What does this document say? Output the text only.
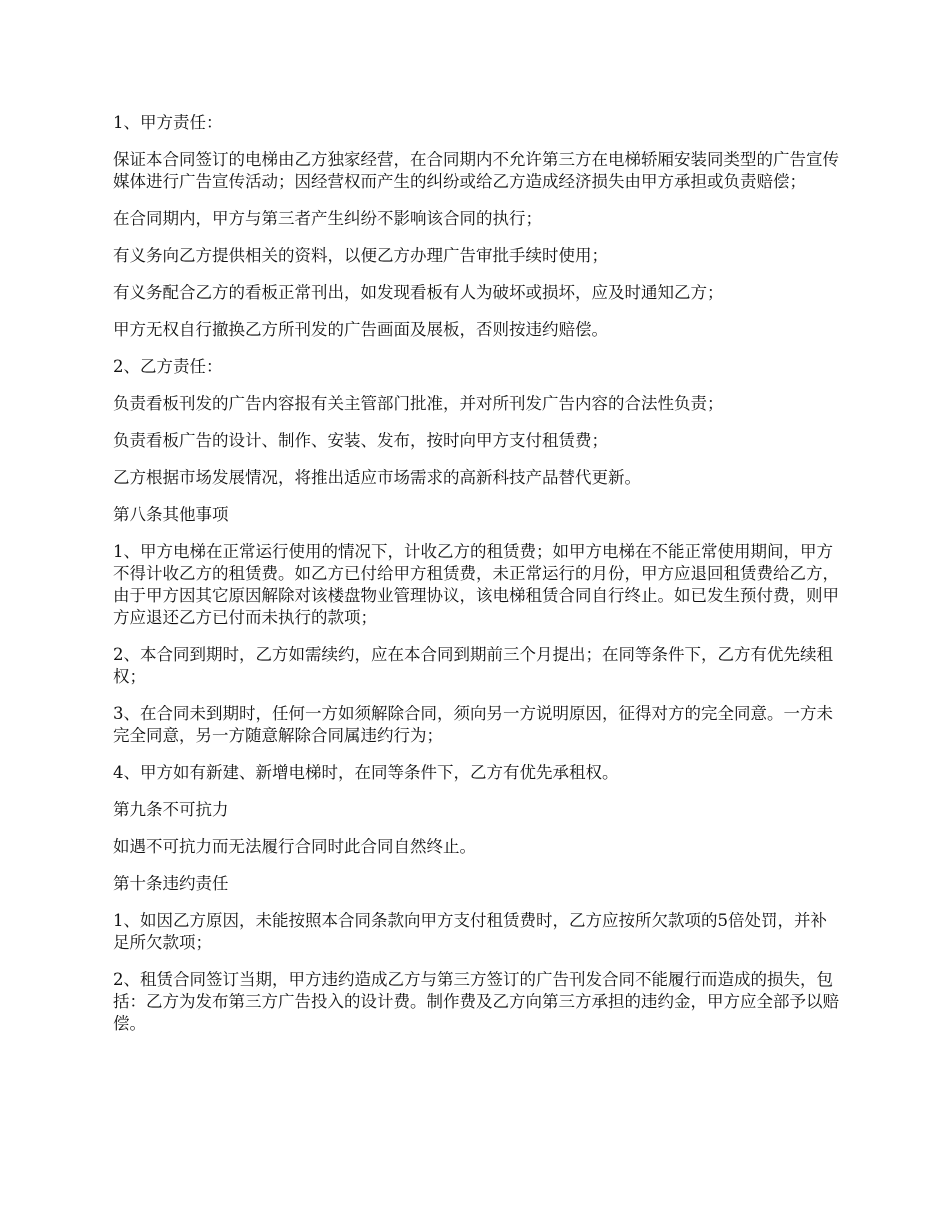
1、甲方责任：

保证本合同签订的电梯由乙方独家经营，在合同期内不允许第三方在电梯轿厢安装同类型的广告宣传媒体进行广告宣传活动；因经营权而产生的纠纷或给乙方造成经济损失由甲方承担或负责赔偿；

在合同期内，甲方与第三者产生纠纷不影响该合同的执行；

有义务向乙方提供相关的资料，以便乙方办理广告审批手续时使用；

有义务配合乙方的看板正常刊出，如发现看板有人为破坏或损坏，应及时通知乙方；

甲方无权自行撤换乙方所刊发的广告画面及展板，否则按违约赔偿。

2、乙方责任：

负责看板刊发的广告内容报有关主管部门批准，并对所刊发广告内容的合法性负责；

负责看板广告的设计、制作、安装、发布，按时向甲方支付租赁费；

乙方根据市场发展情况，将推出适应市场需求的高新科技产品替代更新。

第八条其他事项

1、甲方电梯在正常运行使用的情况下，计收乙方的租赁费；如甲方电梯在不能正常使用期间，甲方不得计收乙方的租赁费。如乙方已付给甲方租赁费，未正常运行的月份，甲方应退回租赁费给乙方，由于甲方因其它原因解除对该楼盘物业管理协议，该电梯租赁合同自行终止。如已发生预付费，则甲方应退还乙方已付而未执行的款项；

2、本合同到期时，乙方如需续约，应在本合同到期前三个月提出；在同等条件下，乙方有优先续租权；

3、在合同未到期时，任何一方如须解除合同，须向另一方说明原因，征得对方的完全同意。一方未完全同意，另一方随意解除合同属违约行为；

4、甲方如有新建、新增电梯时，在同等条件下，乙方有优先承租权。

第九条不可抗力

如遇不可抗力而无法履行合同时此合同自然终止。

第十条违约责任

1、如因乙方原因，未能按照本合同条款向甲方支付租赁费时，乙方应按所欠款项的5倍处罚，并补足所欠款项；

2、租赁合同签订当期，甲方违约造成乙方与第三方签订的广告刊发合同不能履行而造成的损失，包括：乙方为发布第三方广告投入的设计费。制作费及乙方向第三方承担的违约金，甲方应全部予以赔偿。
